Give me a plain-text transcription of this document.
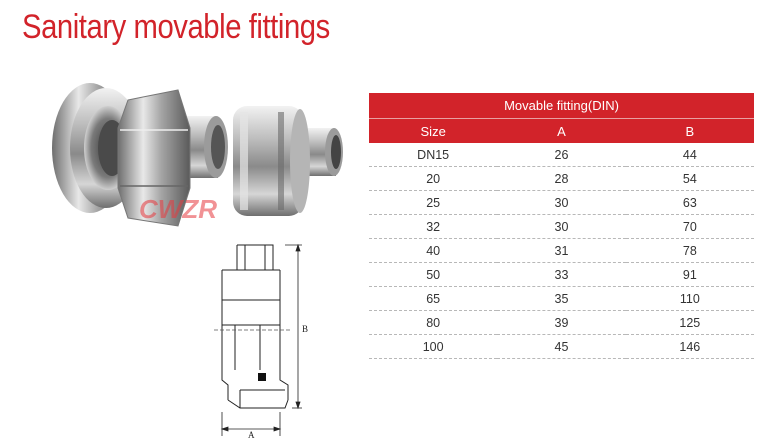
Sanitary movable fittings
CWZR
B
A
Movable fitting(DIN)		
Size	A	B
DN15	26	44
20	28	54
25	30	63
32	30	70
40	31	78
50	33	91
65	35	110
80	39	125
100	45	146
